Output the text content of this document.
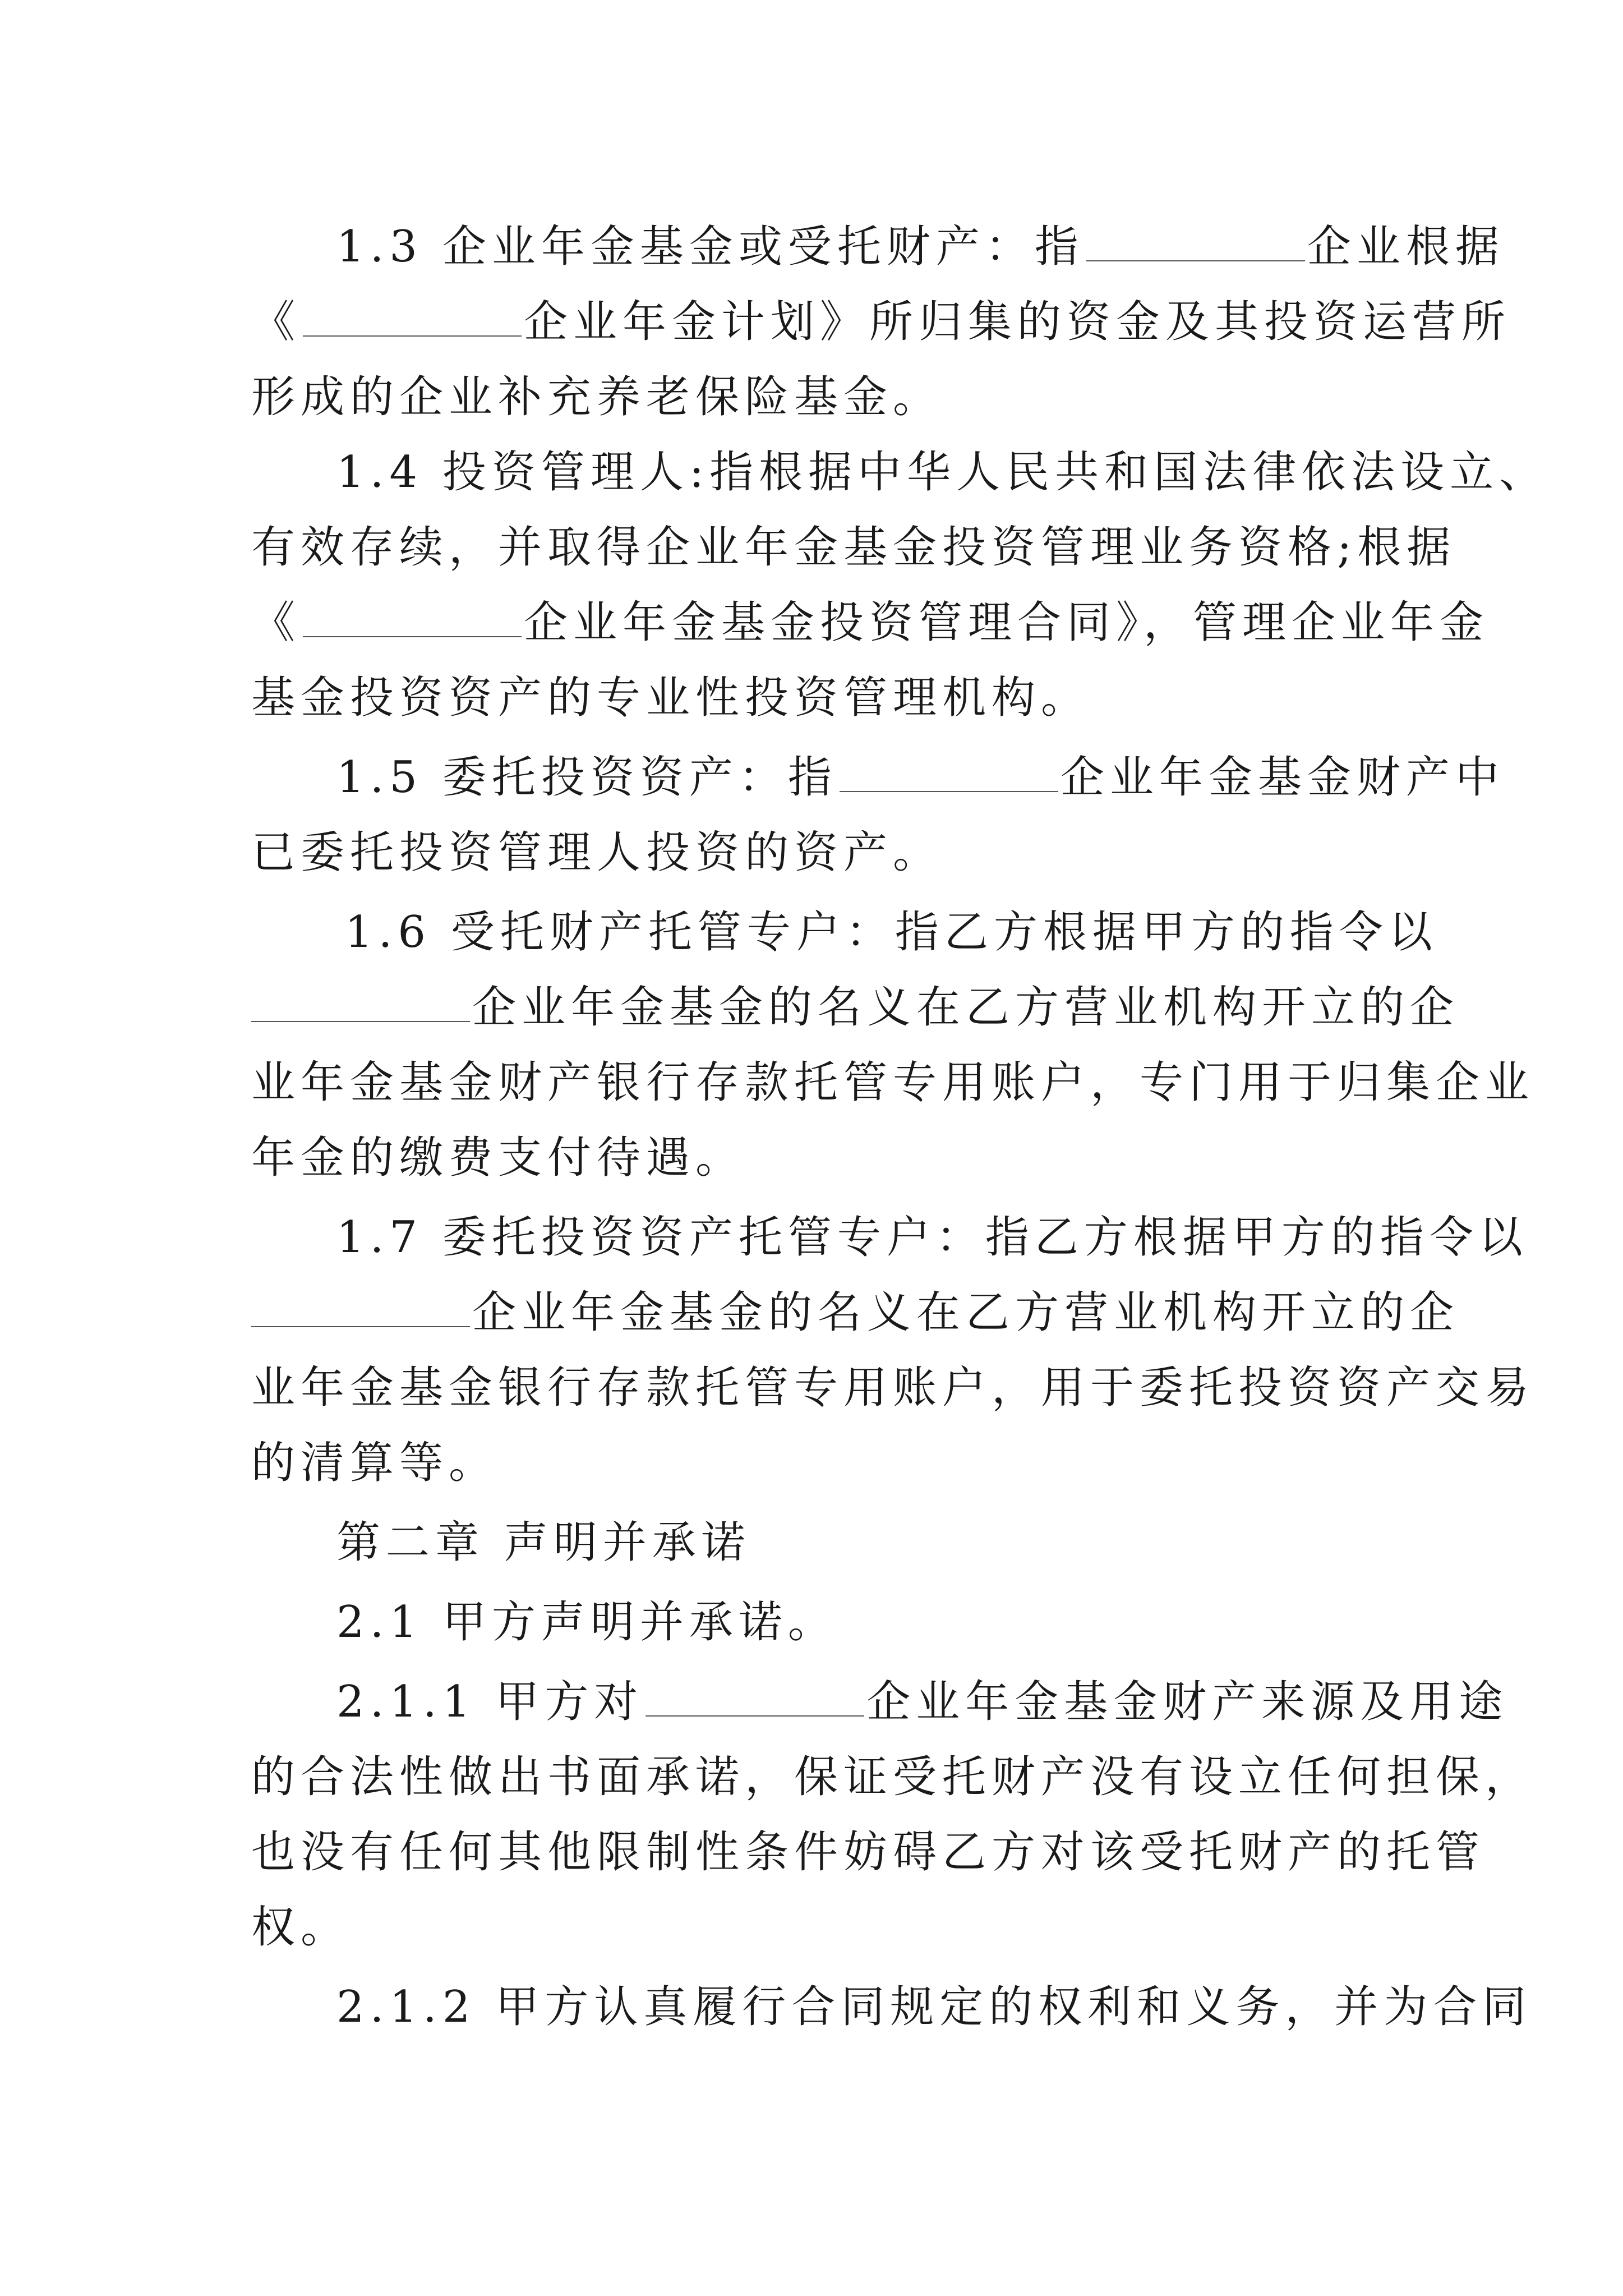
1.3 企业年金基金或受托财产：指	企业根据
《	企业年金计划》所归集的资金及其投资运营所
形成的企业补充养老保险基金。
1.4 投资管理人:指根据中华人民共和国法律依法设立、
有效存续，并取得企业年金基金投资管理业务资格;根据
《	企业年金基金投资管理合同》，管理企业年金
基金投资资产的专业性投资管理机构。
1.5 委托投资资产：指	企业年金基金财产中
已委托投资管理人投资的资产。
1.6 受托财产托管专户：指乙方根据甲方的指令以
企业年金基金的名义在乙方营业机构开立的企
业年金基金财产银行存款托管专用账户，专门用于归集企业
年金的缴费支付待遇。
1.7 委托投资资产托管专户：指乙方根据甲方的指令以
企业年金基金的名义在乙方营业机构开立的企
业年金基金银行存款托管专用账户，用于委托投资资产交易
的清算等。
第二章 声明并承诺
2.1 甲方声明并承诺。
2.1.1 甲方对	企业年金基金财产来源及用途
的合法性做出书面承诺，保证受托财产没有设立任何担保，
也没有任何其他限制性条件妨碍乙方对该受托财产的托管
权。
2.1.2 甲方认真履行合同规定的权利和义务，并为合同
